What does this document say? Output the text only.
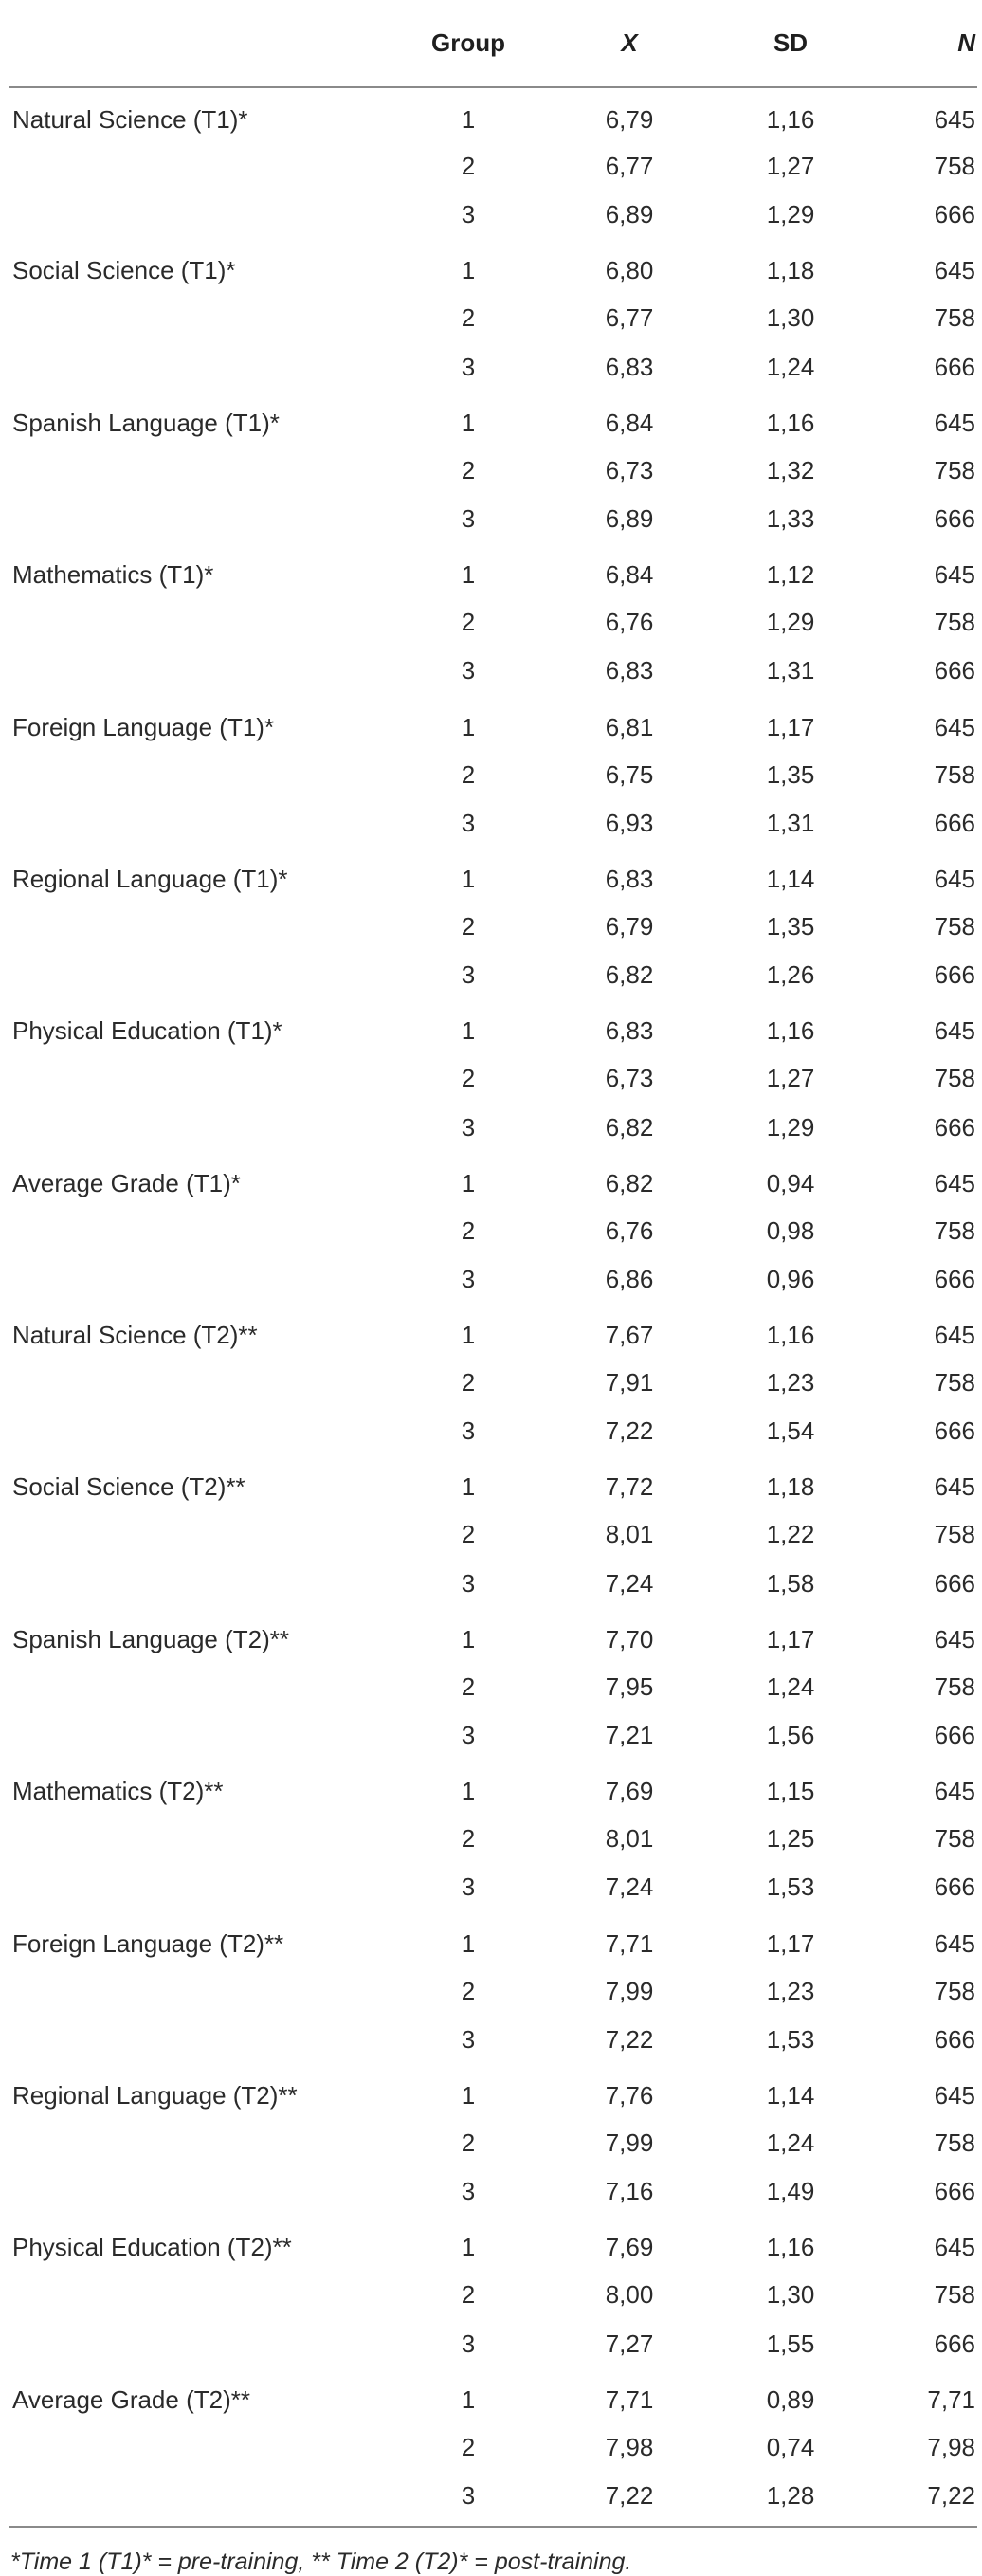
	Group	X	SD	N
Natural Science (T1)*	1	6,79	1,16	645
	2	6,77	1,27	758
	3	6,89	1,29	666
Social Science (T1)*	1	6,80	1,18	645
	2	6,77	1,30	758
	3	6,83	1,24	666
Spanish Language (T1)*	1	6,84	1,16	645
	2	6,73	1,32	758
	3	6,89	1,33	666
Mathematics (T1)*	1	6,84	1,12	645
	2	6,76	1,29	758
	3	6,83	1,31	666
Foreign Language (T1)*	1	6,81	1,17	645
	2	6,75	1,35	758
	3	6,93	1,31	666
Regional Language (T1)*	1	6,83	1,14	645
	2	6,79	1,35	758
	3	6,82	1,26	666
Physical Education (T1)*	1	6,83	1,16	645
	2	6,73	1,27	758
	3	6,82	1,29	666
Average Grade (T1)*	1	6,82	0,94	645
	2	6,76	0,98	758
	3	6,86	0,96	666
Natural Science (T2)**	1	7,67	1,16	645
	2	7,91	1,23	758
	3	7,22	1,54	666
Social Science (T2)**	1	7,72	1,18	645
	2	8,01	1,22	758
	3	7,24	1,58	666
Spanish Language (T2)**	1	7,70	1,17	645
	2	7,95	1,24	758
	3	7,21	1,56	666
Mathematics (T2)**	1	7,69	1,15	645
	2	8,01	1,25	758
	3	7,24	1,53	666
Foreign Language (T2)**	1	7,71	1,17	645
	2	7,99	1,23	758
	3	7,22	1,53	666
Regional Language (T2)**	1	7,76	1,14	645
	2	7,99	1,24	758
	3	7,16	1,49	666
Physical Education (T2)**	1	7,69	1,16	645
	2	8,00	1,30	758
	3	7,27	1,55	666
Average Grade (T2)**	1	7,71	0,89	7,71
	2	7,98	0,74	7,98
	3	7,22	1,28	7,22
*Time 1 (T1)* = pre-training, ** Time 2 (T2)* = post-training.
